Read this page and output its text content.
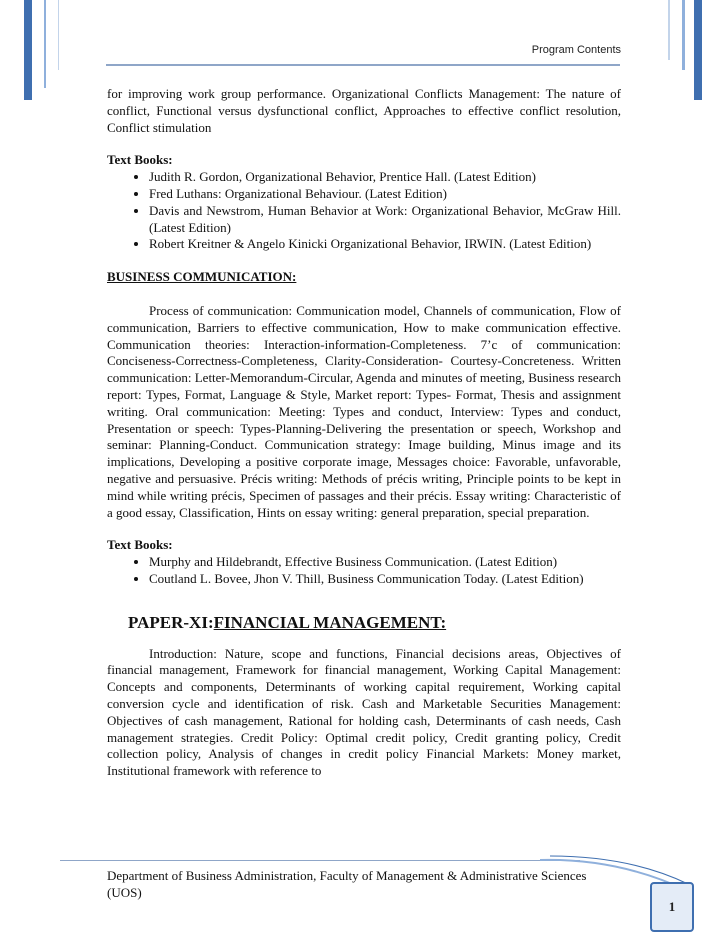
Program Contents

for improving work group performance. Organizational Conflicts Management: The nature of conflict, Functional versus dysfunctional conflict, Approaches to effective conflict resolution, Conflict stimulation

Text Books:

• Judith R. Gordon, Organizational Behavior, Prentice Hall. (Latest Edition)
• Fred Luthans: Organizational Behaviour. (Latest Edition)
• Davis and Newstrom, Human Behavior at Work: Organizational Behavior, McGraw Hill. (Latest Edition)
• Robert Kreitner & Angelo Kinicki Organizational Behavior, IRWIN. (Latest Edition)

BUSINESS COMMUNICATION:

Process of communication: Communication model, Channels of communication, Flow of communication, Barriers to effective communication, How to make communication effective. Communication theories: Interaction-information-Completeness. 7’c of communication: Conciseness-Correctness-Completeness, Clarity-Consideration- Courtesy-Concreteness. Written communication: Letter-Memorandum-Circular, Agenda and minutes of meeting, Business research report: Types, Format, Language & Style, Market report: Types- Format, Thesis and assignment writing. Oral communication: Meeting: Types and conduct, Interview: Types and conduct, Presentation or speech: Types-Planning-Delivering the presentation or speech, Workshop and seminar: Planning-Conduct. Communication strategy: Image building, Minus image and its implications, Developing a positive corporate image, Messages choice: Favorable, unfavorable, negative and persuasive. Précis writing: Methods of précis writing, Principle points to be kept in mind while writing précis, Specimen of passages and their précis. Essay writing: Characteristic of a good essay, Classification, Hints on essay writing: general preparation, special preparation.

Text Books:

• Murphy and Hildebrandt, Effective Business Communication. (Latest Edition)
• Coutland L. Bovee, Jhon V. Thill, Business Communication Today. (Latest Edition)
PAPER-XI:FINANCIAL MANAGEMENT:

Introduction: Nature, scope and functions, Financial decisions areas, Objectives of financial management, Framework for financial management, Working Capital Management: Concepts and components, Determinants of working capital requirement, Working capital conversion cycle and identification of risk. Cash and Marketable Securities Management: Objectives of cash management, Rational for holding cash, Determinants of cash needs, Cash management strategies. Credit Policy: Optimal credit policy, Credit granting policy, Credit collection policy, Analysis of changes in credit policy Financial Markets: Money market, Institutional framework with reference to

Department of Business Administration, Faculty of Management & Administrative Sciences (UOS)
1
